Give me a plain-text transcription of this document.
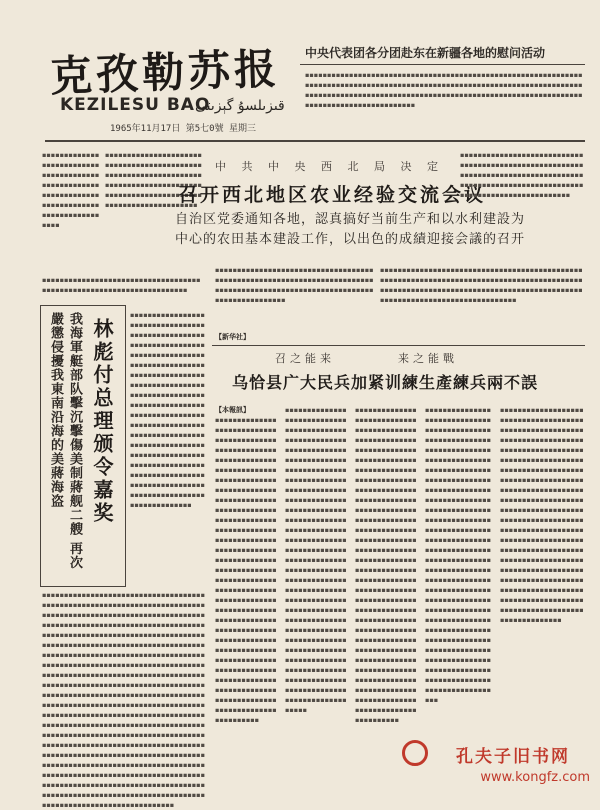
克孜勒苏报
KEZILESU BAO
قىزىلسۇ گېزىتى
1965年11月17日 第5七0號 星期三
中央代表团各分团赴东在新疆各地的慰问活动
▪▪▪▪▪▪▪▪▪▪▪▪▪▪▪▪▪▪▪▪▪▪▪▪▪▪▪▪▪▪▪▪▪▪▪▪▪▪▪▪▪▪▪▪▪▪▪▪▪▪▪▪▪▪▪▪▪▪▪▪▪▪▪▪▪▪▪▪▪▪▪▪▪▪▪▪▪▪▪▪▪▪▪▪▪▪▪▪▪▪▪▪▪▪▪▪▪▪▪▪▪▪▪▪▪▪▪▪▪▪▪▪▪▪▪▪▪▪▪▪▪▪▪▪▪▪▪▪▪▪▪▪▪▪▪▪▪▪▪▪▪▪▪▪▪▪▪▪▪▪▪▪▪▪▪▪▪▪▪▪▪▪▪▪▪▪▪▪▪▪▪▪▪▪▪▪▪▪▪▪▪▪▪▪▪▪▪▪▪▪▪▪▪▪▪▪▪▪▪▪▪▪▪▪▪▪▪▪▪▪▪▪▪▪
▪▪▪▪▪▪▪▪▪▪▪▪▪▪▪▪▪▪▪▪▪▪▪▪▪▪▪▪▪▪▪▪▪▪▪▪▪▪▪▪▪▪▪▪▪▪▪▪▪▪▪▪▪▪▪▪▪▪▪▪▪▪▪▪▪▪▪▪▪▪▪▪▪▪▪▪▪▪▪▪▪▪▪▪▪▪▪▪▪▪▪▪▪▪▪
▪▪▪▪▪▪▪▪▪▪▪▪▪▪▪▪▪▪▪▪▪▪▪▪▪▪▪▪▪▪▪▪▪▪▪▪▪▪▪▪▪▪▪▪▪▪▪▪▪▪▪▪▪▪▪▪▪▪▪▪▪▪▪▪▪▪▪▪▪▪▪▪▪▪▪▪▪▪▪▪▪▪▪▪▪▪▪▪▪▪▪▪▪▪▪▪▪▪▪▪▪▪▪▪▪▪▪▪▪▪▪▪▪▪▪▪▪▪▪▪▪▪▪▪▪▪▪▪▪▪▪
中 共 中 央 西 北 局 决 定
召开西北地区农业经验交流会议
自治区党委通知各地，認真搞好当前生产和以水利建設为
中心的农田基本建設工作，以出色的成績迎接会議的召开
▪▪▪▪▪▪▪▪▪▪▪▪▪▪▪▪▪▪▪▪▪▪▪▪▪▪▪▪▪▪▪▪▪▪▪▪▪▪▪▪▪▪▪▪▪▪▪▪▪▪▪▪▪▪▪▪▪▪▪▪▪▪▪▪▪▪▪▪▪▪▪▪▪▪▪▪▪▪▪▪▪▪▪▪▪▪▪▪▪▪▪▪▪▪▪▪▪▪▪▪▪▪▪▪▪▪▪▪▪▪▪▪▪▪▪▪▪▪▪▪▪▪▪▪▪▪▪▪▪▪▪▪▪▪▪▪▪
▪▪▪▪▪▪▪▪▪▪▪▪▪▪▪▪▪▪▪▪▪▪▪▪▪▪▪▪▪▪▪▪▪▪▪▪▪▪▪▪▪▪▪▪▪▪▪▪▪▪▪▪▪▪▪▪▪▪▪▪▪▪▪▪▪▪▪▪▪▪▪▪▪▪▪▪▪▪▪▪▪▪▪▪▪▪▪▪▪▪▪▪▪▪▪▪▪▪▪▪▪▪▪▪▪▪▪▪▪▪▪▪▪▪▪▪▪▪▪▪▪▪▪▪
【新华社】
▪▪▪▪▪▪▪▪▪▪▪▪▪▪▪▪▪▪▪▪▪▪▪▪▪▪▪▪▪▪▪▪▪▪▪▪▪▪▪▪▪▪▪▪▪▪▪▪▪▪▪▪▪▪▪▪▪▪▪▪▪▪▪▪▪▪▪▪▪▪▪▪▪▪▪▪▪▪▪▪▪▪▪▪▪▪▪▪▪▪▪▪▪▪▪▪▪▪▪▪▪▪▪▪▪▪▪▪▪▪▪▪▪▪▪▪▪▪▪▪▪▪▪▪▪▪▪▪▪▪▪▪▪▪▪▪▪▪▪▪▪▪▪▪▪▪▪▪▪▪▪▪▪▪▪▪▪▪▪▪▪▪▪▪▪▪▪▪▪
▪▪▪▪▪▪▪▪▪▪▪▪▪▪▪▪▪▪▪▪▪▪▪▪▪▪▪▪▪▪▪▪▪▪▪▪▪▪▪▪▪▪▪▪▪▪▪▪▪▪▪▪▪▪▪▪▪▪▪▪▪▪▪▪▪▪▪▪▪
林彪付总理颁令嘉奖
我海軍艇部队擊沉擊傷美制蔣舰二艘 再次嚴懲侵擾我東南沿海的美蔣海盗	▪▪▪▪▪▪▪▪▪▪▪▪▪▪▪▪▪▪▪▪▪▪▪▪▪▪▪▪▪▪▪▪▪▪▪▪▪▪▪▪▪▪▪▪▪▪▪▪▪▪▪▪▪▪▪▪▪▪▪▪▪▪▪▪▪▪▪▪▪▪▪▪▪▪▪▪▪▪▪▪▪▪▪▪▪▪▪▪▪▪▪▪▪▪▪▪▪▪▪▪▪▪▪▪▪▪▪▪▪▪▪▪▪▪▪▪▪▪▪▪▪▪▪▪▪▪▪▪▪▪▪▪▪▪▪▪▪▪▪▪▪▪▪▪▪▪▪▪▪▪▪▪▪▪▪▪▪▪▪▪▪▪▪▪▪▪▪▪▪▪▪▪▪▪▪▪▪▪▪▪▪▪▪▪▪▪▪▪▪▪▪▪▪▪▪▪▪▪▪▪▪▪▪▪▪▪▪▪▪▪▪▪▪▪▪▪▪▪▪▪▪▪▪▪▪▪▪▪▪▪▪▪▪▪▪▪▪▪▪▪▪▪▪▪▪▪▪▪▪▪▪▪▪▪▪▪▪▪▪▪▪▪▪▪▪▪▪▪▪▪▪▪▪▪▪▪▪▪▪▪▪▪▪▪▪▪▪▪▪▪▪▪▪▪▪▪▪▪▪▪▪▪▪▪▪▪▪▪▪▪▪▪▪▪▪▪▪▪▪▪▪▪▪▪▪▪▪▪▪▪▪▪▪▪▪▪▪
召之能来	来之能戰
乌恰县广大民兵加紧训練生產練兵兩不誤
【本報訊】
▪▪▪▪▪▪▪▪▪▪▪▪▪▪▪▪▪▪▪▪▪▪▪▪▪▪▪▪▪▪▪▪▪▪▪▪▪▪▪▪▪▪▪▪▪▪▪▪▪▪▪▪▪▪▪▪▪▪▪▪▪▪▪▪▪▪▪▪▪▪▪▪▪▪▪▪▪▪▪▪▪▪▪▪▪▪▪▪▪▪▪▪▪▪▪▪▪▪▪▪▪▪▪▪▪▪▪▪▪▪▪▪▪▪▪▪▪▪▪▪▪▪▪▪▪▪▪▪▪▪▪▪▪▪▪▪▪▪▪▪▪▪▪▪▪▪▪▪▪▪▪▪▪▪▪▪▪▪▪▪▪▪▪▪▪▪▪▪▪▪▪▪▪▪▪▪▪▪▪▪▪▪▪▪▪▪▪▪▪▪▪▪▪▪▪▪▪▪▪▪▪▪▪▪▪▪▪▪▪▪▪▪▪▪▪▪▪▪▪▪▪▪▪▪▪▪▪▪▪▪▪▪▪▪▪▪▪▪▪▪▪▪▪▪▪▪▪▪▪▪▪▪▪▪▪▪▪▪▪▪▪▪▪▪▪▪▪▪▪▪▪▪▪▪▪▪▪▪▪▪▪▪▪▪▪▪▪▪▪▪▪▪▪▪▪▪▪▪▪▪▪▪▪▪▪▪▪▪▪▪▪▪▪▪▪▪▪▪▪▪▪▪▪▪▪▪▪▪▪▪▪▪▪▪▪▪▪▪▪▪▪▪▪▪▪▪▪▪▪▪▪▪▪▪▪▪▪▪▪▪▪▪▪▪▪▪▪▪▪▪▪▪▪▪▪▪▪▪▪▪▪▪▪▪▪▪▪▪▪▪▪▪▪▪▪▪▪▪▪▪▪▪▪▪▪▪▪▪▪▪▪▪▪▪▪▪▪▪▪▪▪▪▪▪▪▪▪▪▪▪
▪▪▪▪▪▪▪▪▪▪▪▪▪▪▪▪▪▪▪▪▪▪▪▪▪▪▪▪▪▪▪▪▪▪▪▪▪▪▪▪▪▪▪▪▪▪▪▪▪▪▪▪▪▪▪▪▪▪▪▪▪▪▪▪▪▪▪▪▪▪▪▪▪▪▪▪▪▪▪▪▪▪▪▪▪▪▪▪▪▪▪▪▪▪▪▪▪▪▪▪▪▪▪▪▪▪▪▪▪▪▪▪▪▪▪▪▪▪▪▪▪▪▪▪▪▪▪▪▪▪▪▪▪▪▪▪▪▪▪▪▪▪▪▪▪▪▪▪▪▪▪▪▪▪▪▪▪▪▪▪▪▪▪▪▪▪▪▪▪▪▪▪▪▪▪▪▪▪▪▪▪▪▪▪▪▪▪▪▪▪▪▪▪▪▪▪▪▪▪▪▪▪▪▪▪▪▪▪▪▪▪▪▪▪▪▪▪▪▪▪▪▪▪▪▪▪▪▪▪▪▪▪▪▪▪▪▪▪▪▪▪▪▪▪▪▪▪▪▪▪▪▪▪▪▪▪▪▪▪▪▪▪▪▪▪▪▪▪▪▪▪▪▪▪▪▪▪▪▪▪▪▪▪▪▪▪▪▪▪▪▪▪▪▪▪▪▪▪▪▪▪▪▪▪▪▪▪▪▪▪▪▪▪▪▪▪▪▪▪▪▪▪▪▪▪▪▪▪▪▪▪▪▪▪▪▪▪▪▪▪▪▪▪▪▪▪▪▪▪▪▪▪▪▪▪▪▪▪▪▪▪▪▪▪▪▪▪▪▪▪▪▪▪▪▪▪▪▪▪▪▪▪▪▪▪▪▪▪▪▪▪▪▪▪▪▪▪▪▪▪▪▪▪▪▪▪▪▪▪▪▪▪▪▪▪▪▪▪▪▪▪▪▪▪▪
▪▪▪▪▪▪▪▪▪▪▪▪▪▪▪▪▪▪▪▪▪▪▪▪▪▪▪▪▪▪▪▪▪▪▪▪▪▪▪▪▪▪▪▪▪▪▪▪▪▪▪▪▪▪▪▪▪▪▪▪▪▪▪▪▪▪▪▪▪▪▪▪▪▪▪▪▪▪▪▪▪▪▪▪▪▪▪▪▪▪▪▪▪▪▪▪▪▪▪▪▪▪▪▪▪▪▪▪▪▪▪▪▪▪▪▪▪▪▪▪▪▪▪▪▪▪▪▪▪▪▪▪▪▪▪▪▪▪▪▪▪▪▪▪▪▪▪▪▪▪▪▪▪▪▪▪▪▪▪▪▪▪▪▪▪▪▪▪▪▪▪▪▪▪▪▪▪▪▪▪▪▪▪▪▪▪▪▪▪▪▪▪▪▪▪▪▪▪▪▪▪▪▪▪▪▪▪▪▪▪▪▪▪▪▪▪▪▪▪▪▪▪▪▪▪▪▪▪▪▪▪▪▪▪▪▪▪▪▪▪▪▪▪▪▪▪▪▪▪▪▪▪▪▪▪▪▪▪▪▪▪▪▪▪▪▪▪▪▪▪▪▪▪▪▪▪▪▪▪▪▪▪▪▪▪▪▪▪▪▪▪▪▪▪▪▪▪▪▪▪▪▪▪▪▪▪▪▪▪▪▪▪▪▪▪▪▪▪▪▪▪▪▪▪▪▪▪▪▪▪▪▪▪▪▪▪▪▪▪▪▪▪▪▪▪▪▪▪▪▪▪▪▪▪▪▪▪▪▪▪▪▪▪▪▪▪▪▪▪▪▪▪▪▪▪▪▪▪▪▪▪▪▪▪▪▪▪▪▪▪▪▪▪▪▪▪▪▪▪▪▪▪▪▪▪▪▪▪▪▪▪▪▪▪▪▪▪▪▪▪▪▪▪▪▪▪▪▪▪▪▪▪▪▪▪▪▪▪▪▪▪▪▪▪
▪▪▪▪▪▪▪▪▪▪▪▪▪▪▪▪▪▪▪▪▪▪▪▪▪▪▪▪▪▪▪▪▪▪▪▪▪▪▪▪▪▪▪▪▪▪▪▪▪▪▪▪▪▪▪▪▪▪▪▪▪▪▪▪▪▪▪▪▪▪▪▪▪▪▪▪▪▪▪▪▪▪▪▪▪▪▪▪▪▪▪▪▪▪▪▪▪▪▪▪▪▪▪▪▪▪▪▪▪▪▪▪▪▪▪▪▪▪▪▪▪▪▪▪▪▪▪▪▪▪▪▪▪▪▪▪▪▪▪▪▪▪▪▪▪▪▪▪▪▪▪▪▪▪▪▪▪▪▪▪▪▪▪▪▪▪▪▪▪▪▪▪▪▪▪▪▪▪▪▪▪▪▪▪▪▪▪▪▪▪▪▪▪▪▪▪▪▪▪▪▪▪▪▪▪▪▪▪▪▪▪▪▪▪▪▪▪▪▪▪▪▪▪▪▪▪▪▪▪▪▪▪▪▪▪▪▪▪▪▪▪▪▪▪▪▪▪▪▪▪▪▪▪▪▪▪▪▪▪▪▪▪▪▪▪▪▪▪▪▪▪▪▪▪▪▪▪▪▪▪▪▪▪▪▪▪▪▪▪▪▪▪▪▪▪▪▪▪▪▪▪▪▪▪▪▪▪▪▪▪▪▪▪▪▪▪▪▪▪▪▪▪▪▪▪▪▪▪▪▪▪▪▪▪▪▪▪▪▪▪▪▪▪▪▪▪▪▪▪▪▪▪▪▪▪▪▪▪▪▪▪▪▪▪▪▪▪▪▪▪▪▪▪▪▪▪▪▪▪▪▪▪▪▪▪▪▪▪▪▪▪▪▪▪▪▪▪▪▪▪▪▪▪▪▪▪▪▪▪▪▪▪▪▪▪▪▪▪▪▪▪▪▪▪▪▪▪▪▪▪▪▪▪▪▪▪▪▪
▪▪▪▪▪▪▪▪▪▪▪▪▪▪▪▪▪▪▪▪▪▪▪▪▪▪▪▪▪▪▪▪▪▪▪▪▪▪▪▪▪▪▪▪▪▪▪▪▪▪▪▪▪▪▪▪▪▪▪▪▪▪▪▪▪▪▪▪▪▪▪▪▪▪▪▪▪▪▪▪▪▪▪▪▪▪▪▪▪▪▪▪▪▪▪▪▪▪▪▪▪▪▪▪▪▪▪▪▪▪▪▪▪▪▪▪▪▪▪▪▪▪▪▪▪▪▪▪▪▪▪▪▪▪▪▪▪▪▪▪▪▪▪▪▪▪▪▪▪▪▪▪▪▪▪▪▪▪▪▪▪▪▪▪▪▪▪▪▪▪▪▪▪▪▪▪▪▪▪▪▪▪▪▪▪▪▪▪▪▪▪▪▪▪▪▪▪▪▪▪▪▪▪▪▪▪▪▪▪▪▪▪▪▪▪▪▪▪▪▪▪▪▪▪▪▪▪▪▪▪▪▪▪▪▪▪▪▪▪▪▪▪▪▪▪▪▪▪▪▪▪▪▪▪▪▪▪▪▪▪▪▪▪▪▪▪▪▪▪▪▪▪▪▪▪▪▪▪▪▪▪▪▪▪▪▪▪▪▪▪▪▪▪▪▪▪▪▪▪▪▪▪▪▪▪▪▪▪▪▪▪▪▪▪▪▪▪▪▪▪▪▪▪▪▪▪▪▪▪▪▪▪▪▪▪▪▪▪▪▪▪▪▪▪▪▪▪▪▪▪▪▪▪▪▪▪▪▪▪▪▪▪▪▪▪▪▪▪▪▪▪▪▪▪▪▪▪▪▪▪▪▪▪▪▪▪▪▪▪▪▪▪▪▪▪▪▪▪▪▪▪▪▪▪▪▪▪▪▪▪▪▪▪
▪▪▪▪▪▪▪▪▪▪▪▪▪▪▪▪▪▪▪▪▪▪▪▪▪▪▪▪▪▪▪▪▪▪▪▪▪▪▪▪▪▪▪▪▪▪▪▪▪▪▪▪▪▪▪▪▪▪▪▪▪▪▪▪▪▪▪▪▪▪▪▪▪▪▪▪▪▪▪▪▪▪▪▪▪▪▪▪▪▪▪▪▪▪▪▪▪▪▪▪▪▪▪▪▪▪▪▪▪▪▪▪▪▪▪▪▪▪▪▪▪▪▪▪▪▪▪▪▪▪▪▪▪▪▪▪▪▪▪▪▪▪▪▪▪▪▪▪▪▪▪▪▪▪▪▪▪▪▪▪▪▪▪▪▪▪▪▪▪▪▪▪▪▪▪▪▪▪▪▪▪▪▪▪▪▪▪▪▪▪▪▪▪▪▪▪▪▪▪▪▪▪▪▪▪▪▪▪▪▪▪▪▪▪▪▪▪▪▪▪▪▪▪▪▪▪▪▪▪▪▪▪▪▪▪▪▪▪▪▪▪▪▪▪▪▪▪▪▪▪▪▪▪▪▪▪▪▪▪▪▪▪▪▪▪▪▪▪▪▪▪▪▪▪▪▪▪▪▪▪▪▪▪▪▪▪▪▪▪▪▪▪▪▪▪▪▪▪▪▪▪▪▪▪▪▪▪▪▪▪▪▪▪▪▪▪▪▪▪▪▪▪▪▪▪▪▪▪▪▪▪▪▪▪▪▪▪▪▪▪▪▪▪▪▪▪▪▪▪▪▪▪▪▪▪▪▪▪▪▪▪▪▪▪▪▪▪▪▪▪▪▪▪▪▪▪▪▪▪▪▪▪▪▪▪▪▪▪▪▪▪▪▪▪▪▪▪▪▪▪▪▪▪▪▪▪▪▪▪▪▪▪▪▪▪▪▪▪▪▪▪▪▪▪▪▪▪▪▪▪▪▪▪▪▪▪▪▪▪▪▪▪▪▪▪▪▪▪▪▪▪▪▪▪▪▪▪▪▪▪▪▪▪▪▪▪▪▪▪▪▪▪▪▪▪▪▪▪▪▪▪▪▪▪▪▪▪▪▪▪▪▪▪▪▪▪▪▪▪▪▪▪▪▪▪▪▪▪▪▪▪▪▪▪▪▪▪▪▪▪▪▪▪▪▪▪▪▪▪▪▪▪▪▪▪▪▪▪▪▪▪▪▪▪▪▪▪▪▪▪▪▪▪▪▪▪▪▪▪▪▪▪▪▪▪▪▪▪▪▪▪▪▪▪▪▪▪▪▪▪▪▪▪▪▪▪▪▪▪▪▪▪▪▪▪▪▪▪▪▪▪▪▪▪▪▪▪▪▪▪▪▪▪▪▪▪▪▪▪▪▪▪▪▪▪▪▪▪▪▪▪▪▪▪▪▪▪▪▪▪▪▪▪▪▪▪▪▪▪▪▪▪▪▪▪▪▪▪▪▪▪▪▪▪▪▪▪▪▪▪▪▪▪▪▪▪▪▪▪▪▪▪▪▪▪▪▪▪▪▪▪▪▪▪▪▪▪▪▪▪▪▪▪▪▪▪▪▪▪▪▪▪▪▪▪▪▪▪▪▪▪▪▪▪▪▪▪▪▪▪▪▪▪▪▪▪▪▪▪▪▪▪▪▪▪▪▪▪▪▪▪▪▪▪▪▪▪▪▪▪▪▪▪▪▪▪▪▪▪▪▪▪▪▪▪▪▪▪▪▪▪▪▪▪▪▪▪▪▪▪▪▪▪▪▪▪▪▪▪▪▪▪▪▪▪▪▪
孔夫子旧书网
www.kongfz.com
